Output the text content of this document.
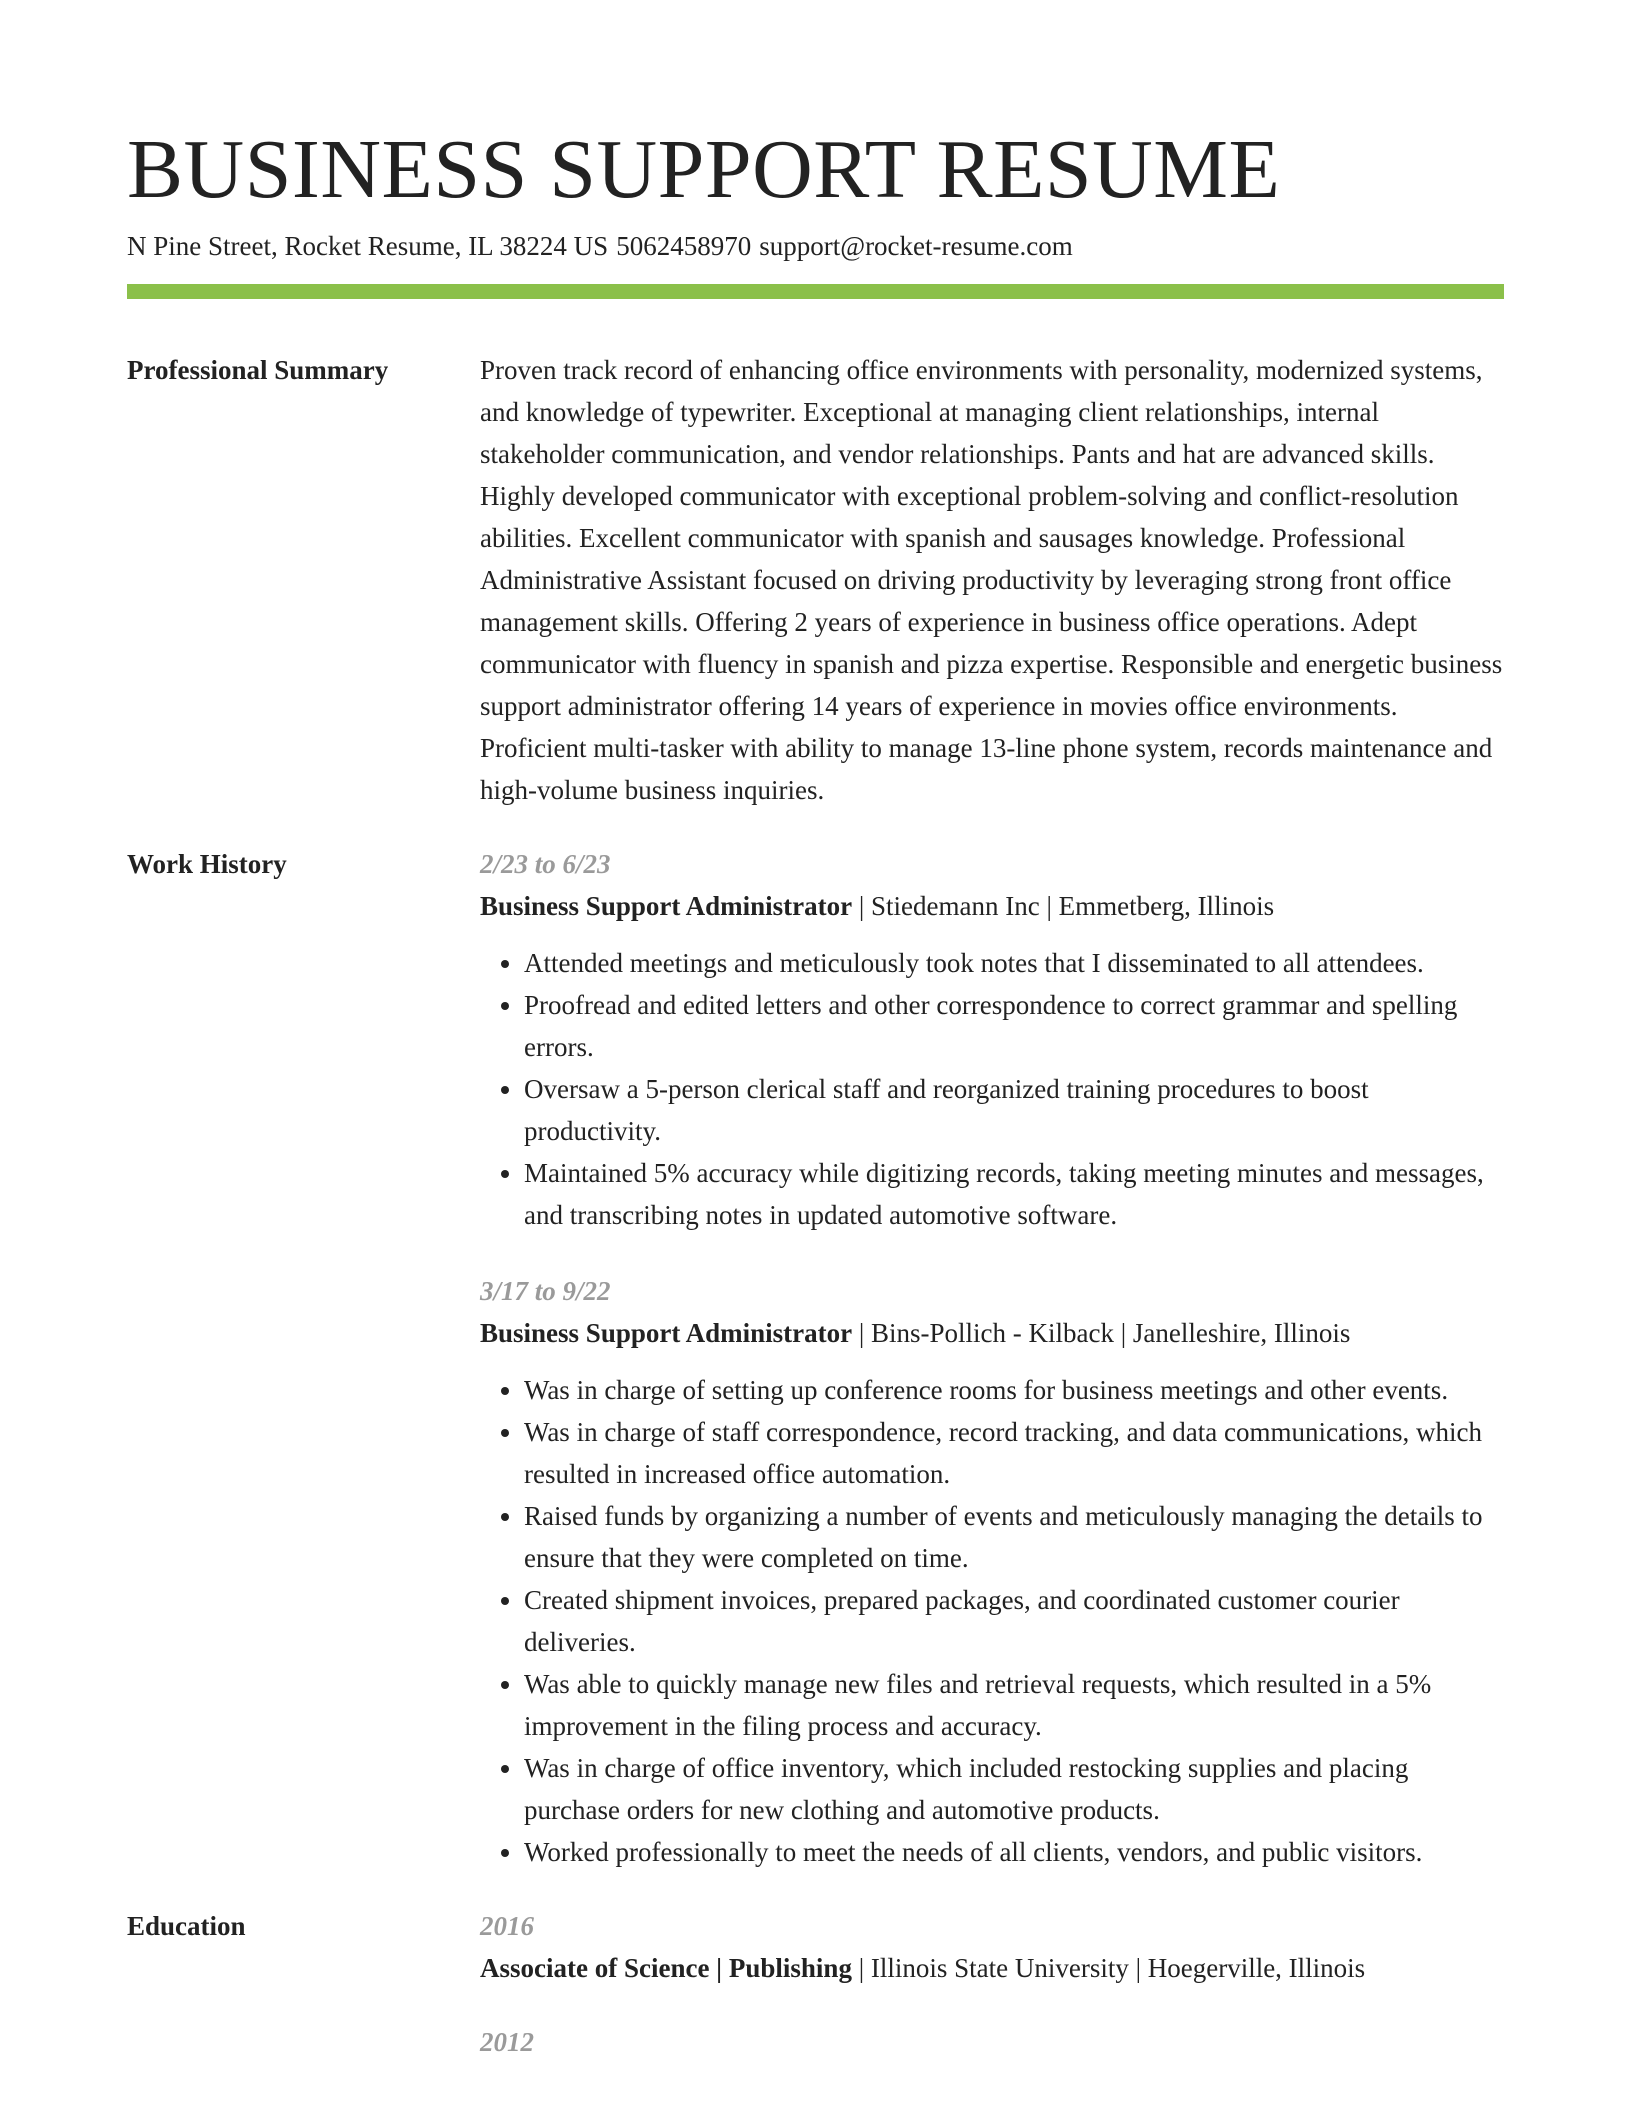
BUSINESS SUPPORT RESUME
N Pine Street, Rocket Resume, IL 38224 US 5062458970 support@rocket-resume.com
Professional Summary	Proven track record of enhancing office environments with personality, modernized systems, and knowledge of typewriter. Exceptional at managing client relationships, internal stakeholder communication, and vendor relationships. Pants and hat are advanced skills. Highly developed communicator with exceptional problem-solving and conflict-resolution abilities. Excellent communicator with spanish and sausages knowledge. Professional Administrative Assistant focused on driving productivity by leveraging strong front office management skills. Offering 2 years of experience in business office operations. Adept communicator with fluency in spanish and pizza expertise. Responsible and energetic business support administrator offering 14 years of experience in movies office environments. Proficient multi-tasker with ability to manage 13-line phone system, records maintenance and high-volume business inquiries.
Work History	2/23 to 6/23
Business Support Administrator | Stiedemann Inc | Emmetberg, Illinois
• Attended meetings and meticulously took notes that I disseminated to all attendees.
• Proofread and edited letters and other correspondence to correct grammar and spelling errors.
• Oversaw a 5-person clerical staff and reorganized training procedures to boost productivity.
• Maintained 5% accuracy while digitizing records, taking meeting minutes and messages, and transcribing notes in updated automotive software.
3/17 to 9/22
Business Support Administrator | Bins-Pollich - Kilback | Janelleshire, Illinois
• Was in charge of setting up conference rooms for business meetings and other events.
• Was in charge of staff correspondence, record tracking, and data communications, which resulted in increased office automation.
• Raised funds by organizing a number of events and meticulously managing the details to ensure that they were completed on time.
• Created shipment invoices, prepared packages, and coordinated customer courier deliveries.
• Was able to quickly manage new files and retrieval requests, which resulted in a 5% improvement in the filing process and accuracy.
• Was in charge of office inventory, which included restocking supplies and placing purchase orders for new clothing and automotive products.
• Worked professionally to meet the needs of all clients, vendors, and public visitors.
Education	2016
Associate of Science | Publishing | Illinois State University | Hoegerville, Illinois
2012
